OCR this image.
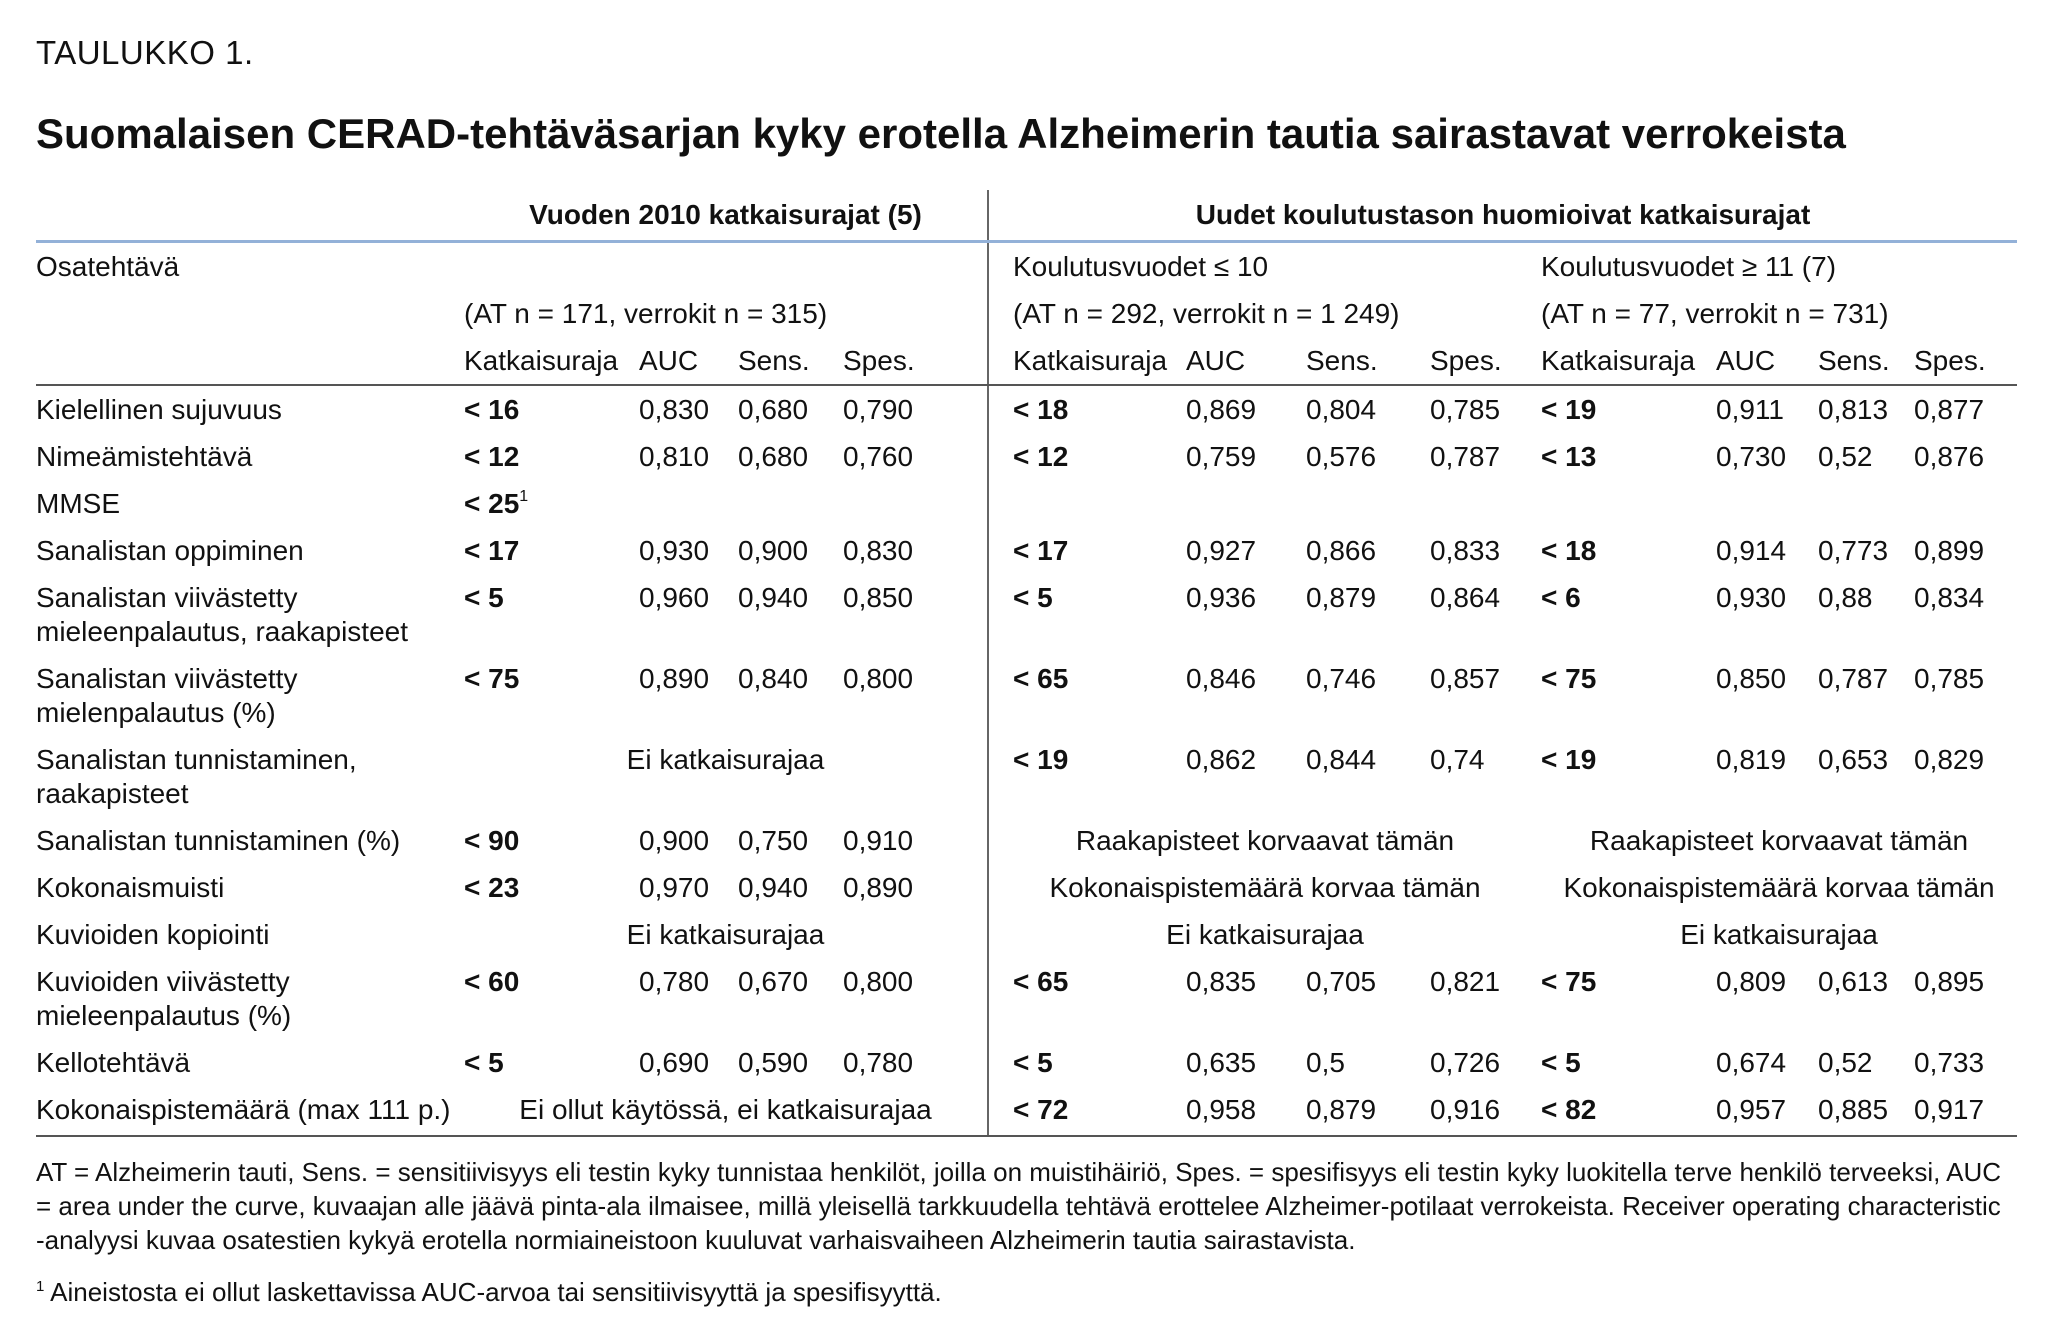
TAULUKKO 1.
Suomalaisen CERAD-tehtäväsarjan kyky erotella Alzheimerin tautia sairastavat verrokeista
	Vuoden 2010 katkaisurajat (5)				Uudet koulutustason huomioivat katkaisurajat							
Osatehtävä					Koulutusvuodet ≤ 10				Koulutusvuodet ≥ 11 (7)			
	(AT n = 171, verrokit n = 315)				(AT n = 292, verrokit n = 1 249)				(AT n = 77, verrokit n = 731)			
	Katkaisuraja	AUC	Sens.	Spes.	Katkaisuraja	AUC	Sens.	Spes.	Katkaisuraja	AUC	Sens.	Spes.
Kielellinen sujuvuus	< 16	0,830	0,680	0,790	< 18	0,869	0,804	0,785	< 19	0,911	0,813	0,877
Nimeämistehtävä	< 12	0,810	0,680	0,760	< 12	0,759	0,576	0,787	< 13	0,730	0,52	0,876
MMSE	< $25^1$											
Sanalistan oppiminen	< 17	0,930	0,900	0,830	< 17	0,927	0,866	0,833	< 18	0,914	0,773	0,899
Sanalistan viivästetty mieleenpalautus, raakapisteet	< 5	0,960	0,940	0,850	< 5	0,936	0,879	0,864	< 6	0,930	0,88	0,834
Sanalistan viivästetty mielenpalautus (%)	< 75	0,890	0,840	0,800	< 65	0,846	0,746	0,857	< 75	0,850	0,787	0,785
Sanalistan tunnistaminen, raakapisteet	Ei katkaisurajaa				< 19	0,862	0,844	0,74	< 19	0,819	0,653	0,829
Sanalistan tunnistaminen (%)	< 90	0,900	0,750	0,910	Raakapisteet korvaavat tämän				Raakapisteet korvaavat tämän			
Kokonaismuisti	< 23	0,970	0,940	0,890	Kokonaispistemäärä korvaa tämän				Kokonaispistemäärä korvaa tämän			
Kuvioiden kopiointi	Ei katkaisurajaa				Ei katkaisurajaa				Ei katkaisurajaa			
Kuvioiden viivästetty mieleenpalautus (%)	< 60	0,780	0,670	0,800	< 65	0,835	0,705	0,821	< 75	0,809	0,613	0,895
Kellotehtävä	< 5	0,690	0,590	0,780	< 5	0,635	0,5	0,726	< 5	0,674	0,52	0,733
Kokonaispistemäärä (max 111 p.)	Ei ollut käytössä, ei katkaisurajaa				< 72	0,958	0,879	0,916	< 82	0,957	0,885	0,917
AT = Alzheimerin tauti, Sens. = sensitiivisyys eli testin kyky tunnistaa henkilöt, joilla on muistihäiriö, Spes. = spesifisyys eli testin kyky luokitella terve henkilö terveeksi, AUC = area under the curve, kuvaajan alle jäävä pinta-ala ilmaisee, millä yleisellä tarkkuudella tehtävä erottelee Alzheimer-potilaat verrokeista. Receiver operating characteristic -analyysi kuvaa osatestien kykyä erotella normiaineistoon kuuluvat varhaisvaiheen Alzheimerin tautia sairastavista.
$^1$ Aineistosta ei ollut laskettavissa AUC-arvoa tai sensitiivisyyttä ja spesifisyyttä.
